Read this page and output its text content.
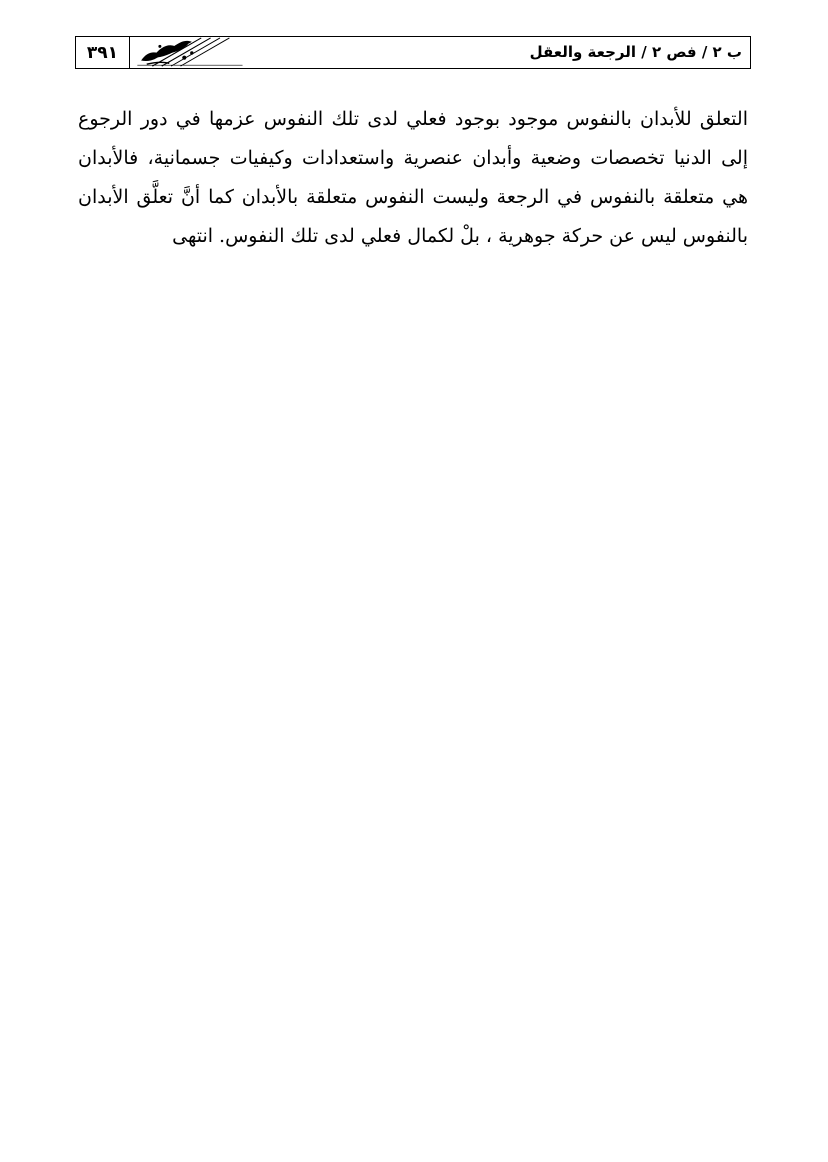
٣٩١	ب ٢ / فص ٢ / الرجعة والعقل

التعلق للأبدان بالنفوس موجود بوجود فعلي لدى تلك النفوس عزمها في دور الرجوع إلى الدنيا تخصصات وضعية وأبدان عنصرية واستعدادات وكيفيات جسمانية، فالأبدان هي متعلقة بالنفوس في الرجعة وليست النفوس متعلقة بالأبدان كما أنَّ تعلَّق الأبدان بالنفوس ليس عن حركة جوهرية ، بلْ لكمال فعلي لدى تلك النفوس. انتهى
